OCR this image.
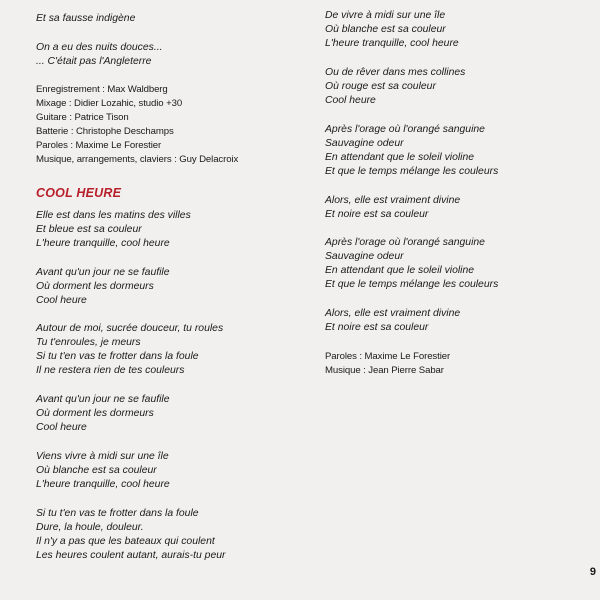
Et sa fausse indigène
On a eu des nuits douces...
... C'était pas l'Angleterre
Enregistrement : Max Waldberg
Mixage : Didier Lozahic, studio +30
Guitare : Patrice Tison
Batterie : Christophe Deschamps
Paroles : Maxime Le Forestier
Musique, arrangements, claviers : Guy Delacroix
COOL HEURE
Elle est dans les matins des villes
Et bleue est sa couleur
L'heure tranquille, cool heure
Avant qu'un jour ne se faufile
Où dorment les dormeurs
Cool heure
Autour de moi, sucrée douceur, tu roules
Tu t'enroules, je meurs
Si tu t'en vas te frotter dans la foule
Il ne restera rien de tes couleurs
Avant qu'un jour ne se faufile
Où dorment les dormeurs
Cool heure
Viens vivre à midi sur une île
Où blanche est sa couleur
L'heure tranquille, cool heure
Si tu t'en vas te frotter dans la foule
Dure, la houle, douleur.
Il n'y a pas que les bateaux qui coulent
Les heures coulent autant, aurais-tu peur
De vivre à midi sur une île
Où blanche est sa couleur
L'heure tranquille, cool heure
Ou de rêver dans mes collines
Où rouge est sa couleur
Cool heure
Après l'orage où l'orangé sanguine
Sauvagine odeur
En attendant que le soleil violine
Et que le temps mélange les couleurs
Alors, elle est vraiment divine
Et noire est sa couleur
Après l'orage où l'orangé sanguine
Sauvagine odeur
En attendant que le soleil violine
Et que le temps mélange les couleurs
Alors, elle est vraiment divine
Et noire est sa couleur
Paroles : Maxime Le Forestier
Musique : Jean Pierre Sabar
9
